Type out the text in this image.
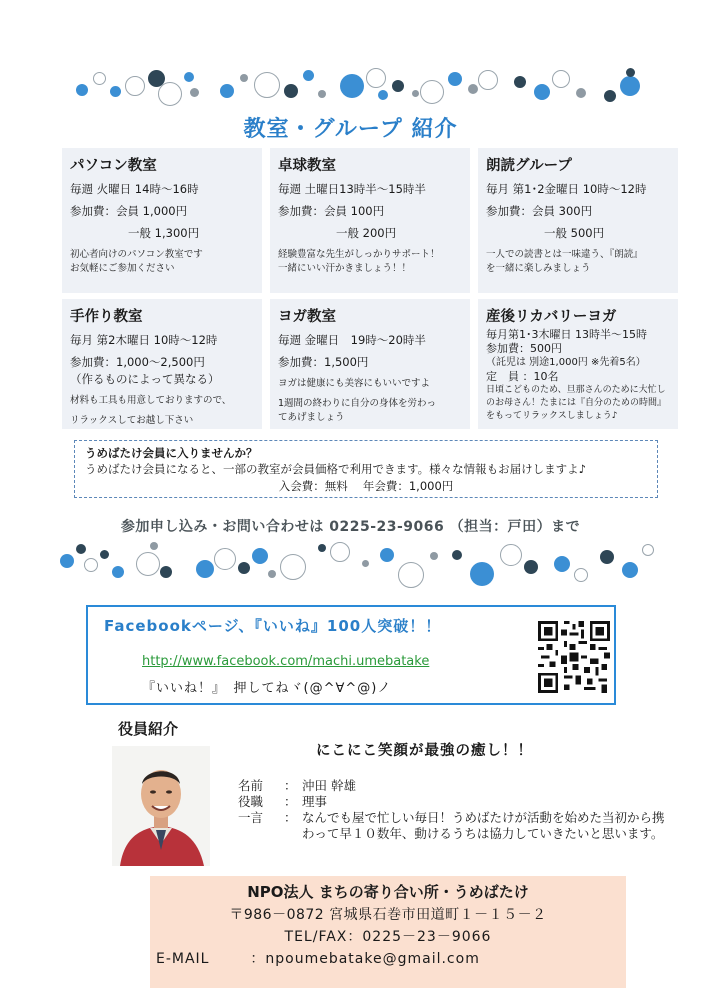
教室・グループ 紹介
パソコン教室
毎週 火曜日 14時～16時
参加費：会員 1,000円
一般 1,300円
初心者向けのパソコン教室です
お気軽にご参加ください
卓球教室
毎週 土曜日13時半～15時半
参加費：会員 100円
一般 200円
経験豊富な先生がしっかりサポート！
一緒にいい汗かきましょう！！
朗読グループ
毎月 第1･2金曜日 10時～12時
参加費：会員 300円
一般 500円
一人での読書とは一味違う、『朗読』
を一緒に楽しみましょう
手作り教室
毎月 第2木曜日 10時～12時
参加費：1,000～2,500円
（作るものによって異なる）
材料も工具も用意しておりますので、
リラックスしてお越し下さい
ヨガ教室
毎週 金曜日　19時～20時半
参加費：1,500円
ヨガは健康にも美容にもいいですよ
1週間の終わりに自分の身体を労わっ
てあげましょう
産後リカバリーヨガ
毎月第1･3木曜日 13時半～15時
参加費：500円
（託児は 別途1,000円 ※先着5名）
定　員 ：10名
日頃こどものため、旦那さんのために大忙し
のお母さん！たまには『自分のための時間』
をもってリラックスしましょう♪
うめばたけ会員に入りませんか？
うめばたけ会員になると、一部の教室が会員価格で利用できます。様々な情報もお届けしますよ♪
入会費：無料　 年会費：1,000円
参加申し込み・お問い合わせは 0225-23-9066 （担当：戸田）まで
Facebookページ、『いいね』100人突破！！
http://www.facebook.com/machi.umebatake
『いいね！』　押してねヾ(@^∀^@)ノ
役員紹介
にこにこ笑顔が最強の癒し！！
名前	： 沖田 幹雄
役職	： 理事
一言	： なんでも屋で忙しい毎日！うめばたけが活動を始めた当初から携わって早１０数年、動けるうちは協力していきたいと思います。
NPO法人 まちの寄り合い所・うめばたけ
〒986－0872 宮城県石巻市田道町１－１５－２
TEL/FAX：0225－23－9066
E-MAIL	：npoumebatake@gmail.com
